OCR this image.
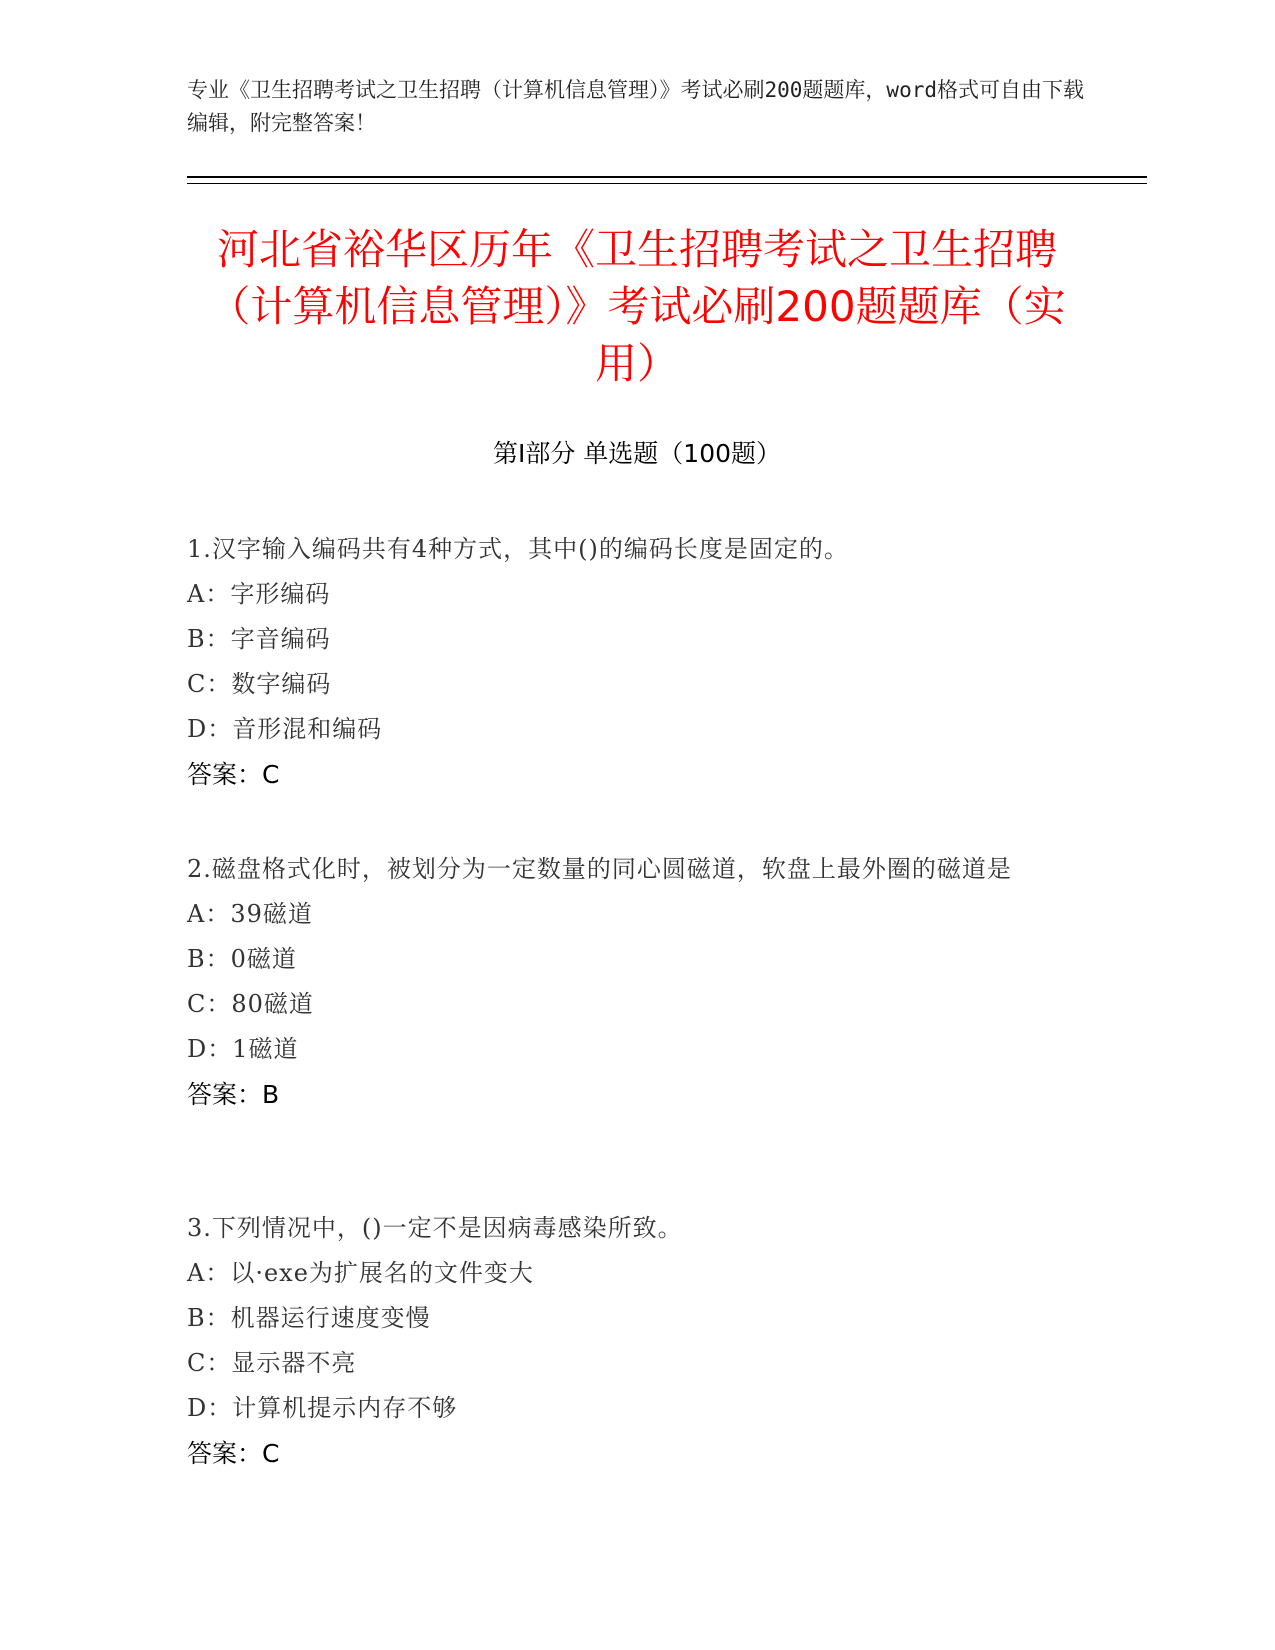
专业《卫生招聘考试之卫生招聘（计算机信息管理）》考试必刷200题题库，word格式可自由下载编辑，附完整答案！

河北省裕华区历年《卫生招聘考试之卫生招聘（计算机信息管理）》考试必刷200题题库（实用）
第Ⅰ部分 单选题（100题）

1.汉字输入编码共有4种方式，其中()的编码长度是固定的。

A：字形编码

B：字音编码

C：数字编码

D：音形混和编码

答案：C

2.磁盘格式化时，被划分为一定数量的同心圆磁道，软盘上最外圈的磁道是

A：39磁道

B：0磁道

C：80磁道

D：1磁道

答案：B

3.下列情况中，()一定不是因病毒感染所致。

A：以·exe为扩展名的文件变大

B：机器运行速度变慢

C：显示器不亮

D：计算机提示内存不够

答案：C
